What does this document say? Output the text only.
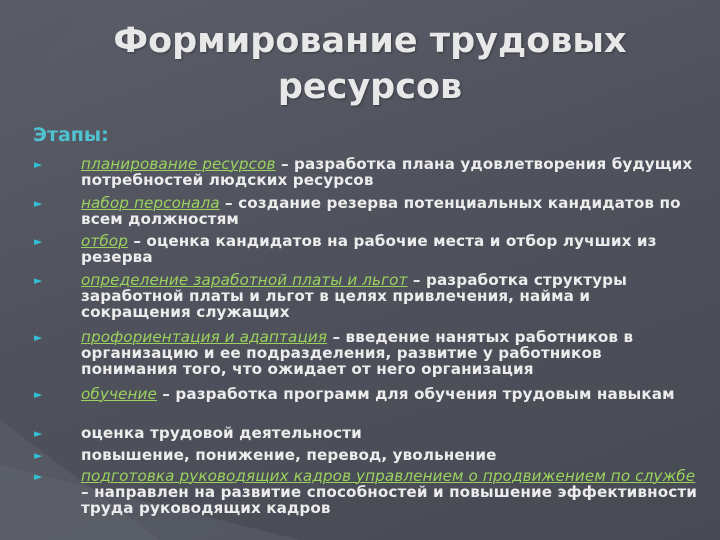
Формирование трудовых ресурсов
Этапы:
►	планирование ресурсов – разработка плана удовлетворения будущих потребностей людских ресурсов
►	набор персонала – создание резерва потенциальных кандидатов по всем должностям
►	отбор – оценка кандидатов на рабочие места и отбор лучших из резерва
►	определение заработной платы и льгот – разработка структуры заработной платы и льгот в целях привлечения, найма и сокращения служащих
►	профориентация и адаптация – введение нанятых работников в организацию и ее подразделения, развитие у работников понимания того, что ожидает от него организация
►	обучение – разработка программ для обучения трудовым навыкам
►	оценка трудовой деятельности
►	повышение, понижение, перевод, увольнение
►	подготовка руководящих кадров управлением о продвижением по службе – направлен на развитие способностей и повышение эффективности труда руководящих кадров
